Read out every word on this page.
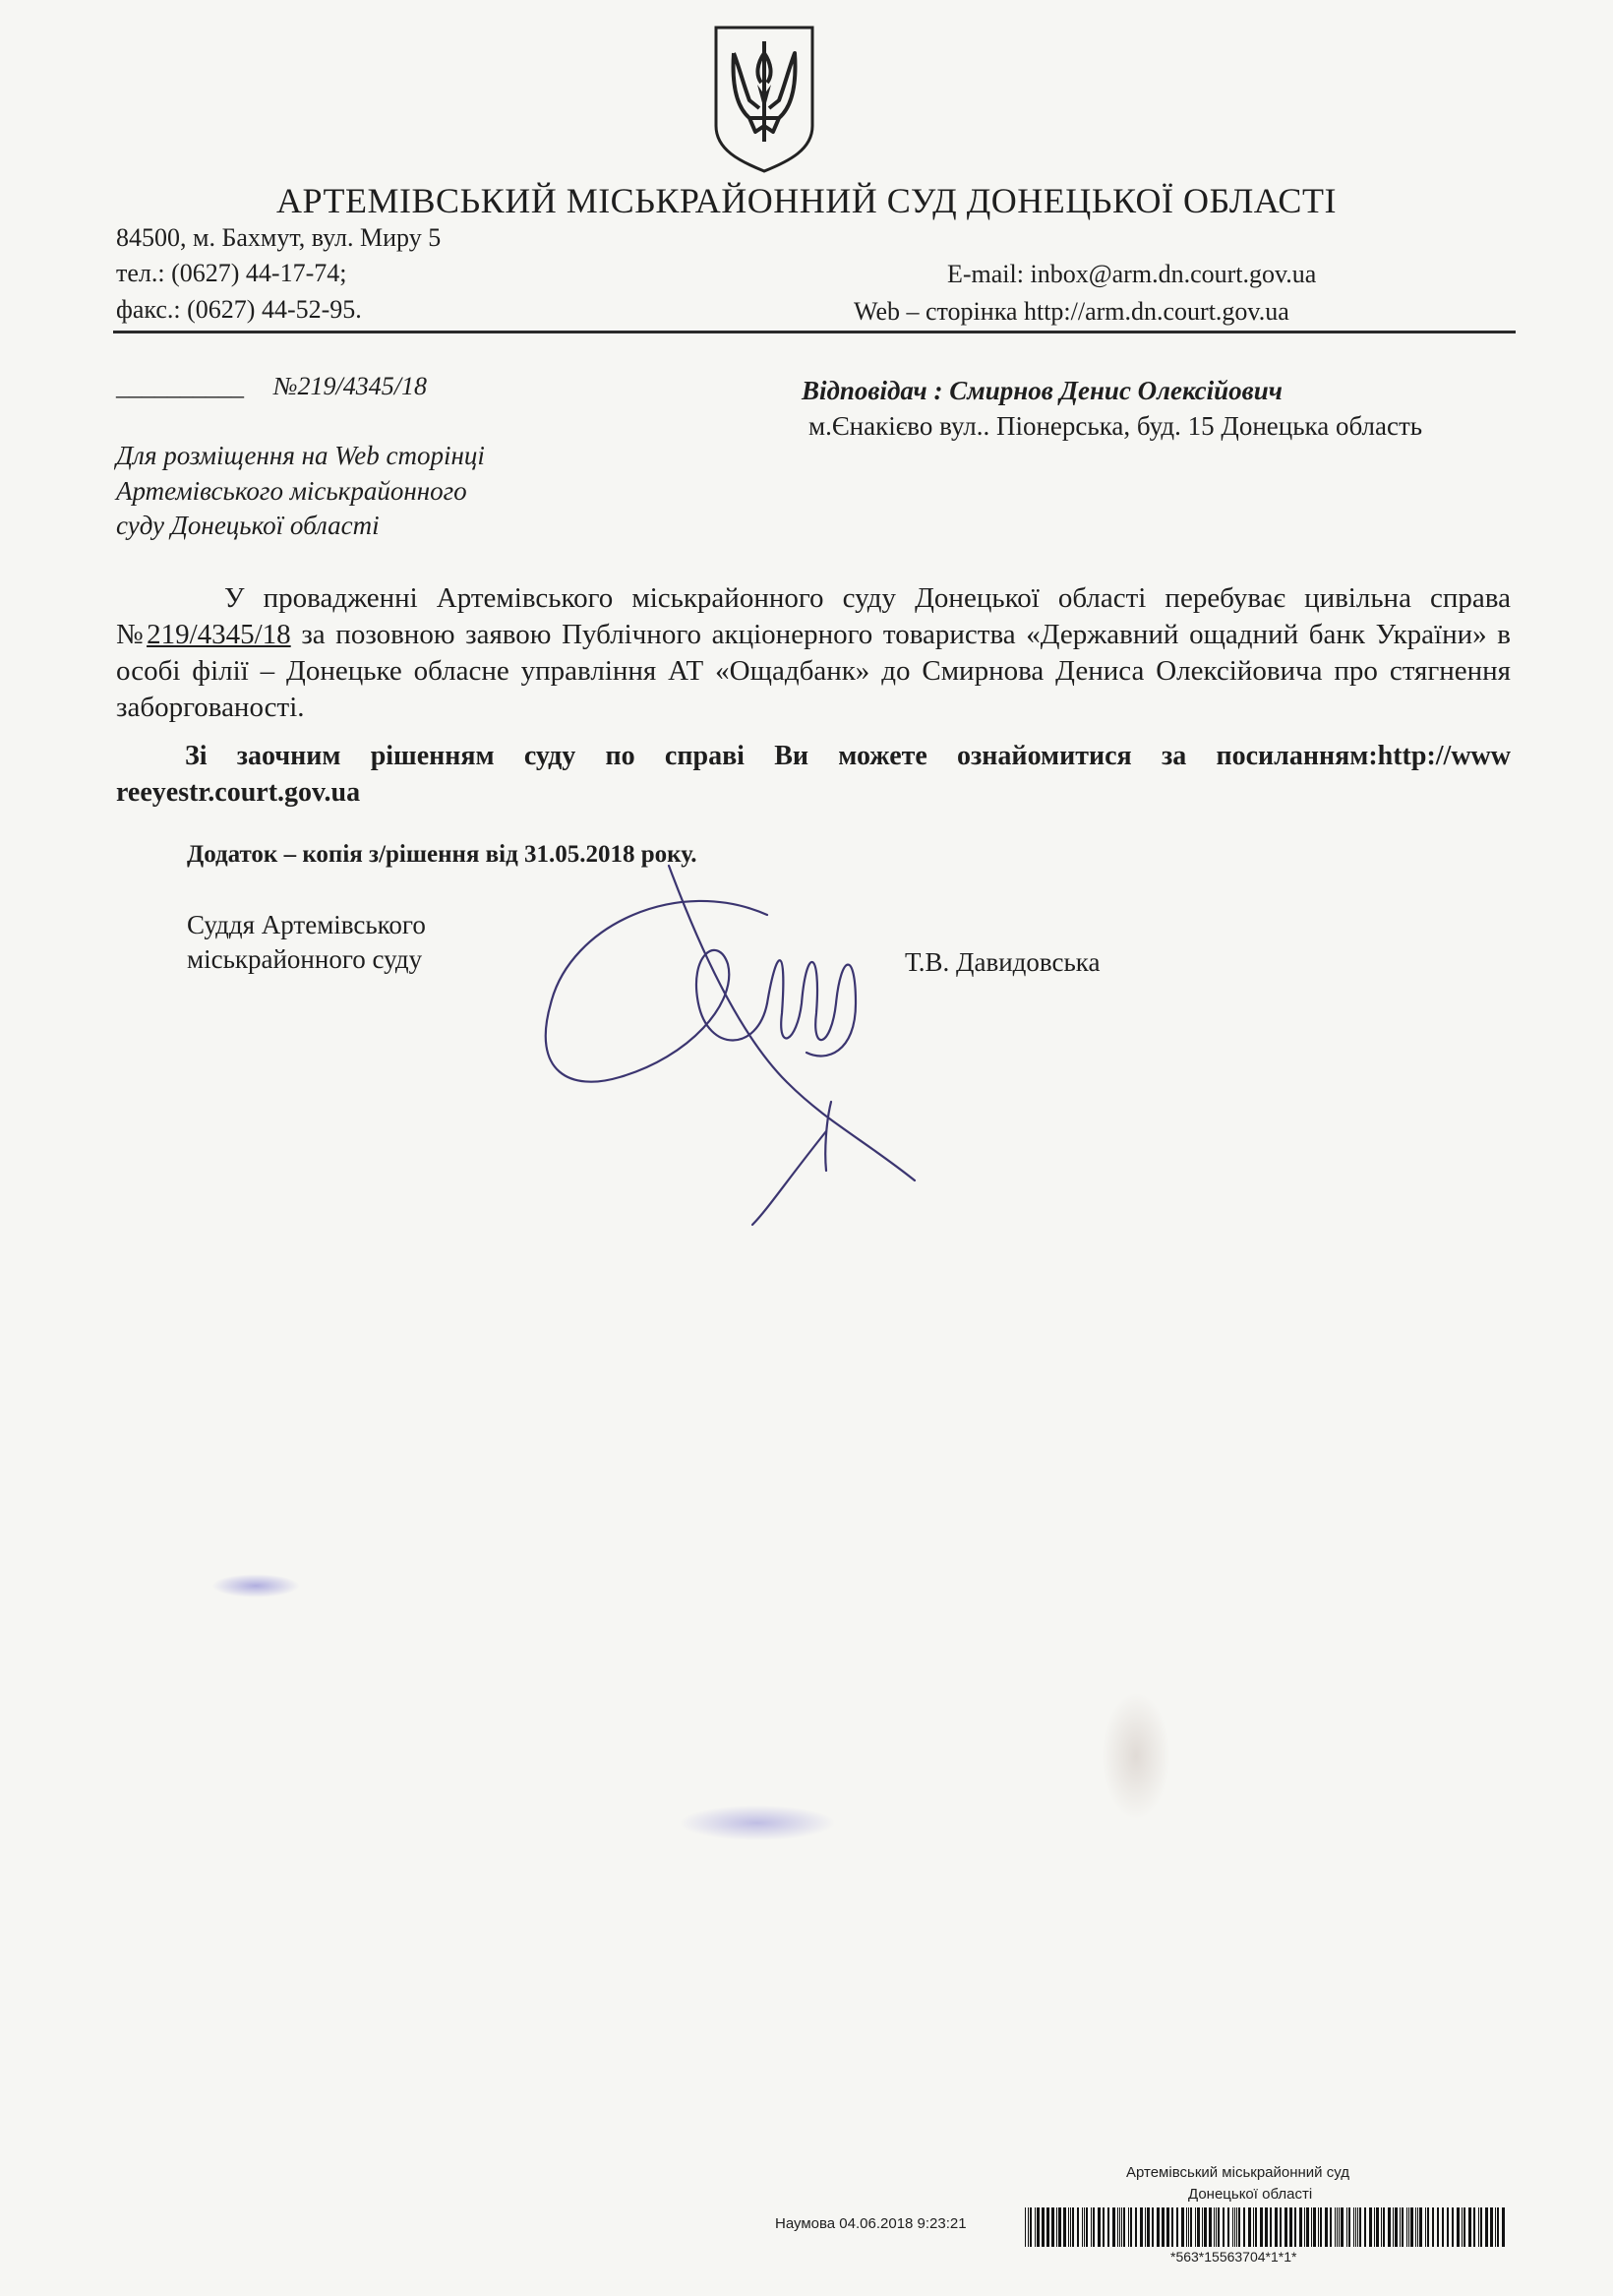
АРТЕМІВСЬКИЙ МІСЬКРАЙОННИЙ СУД ДОНЕЦЬКОЇ ОБЛАСТІ
84500, м. Бахмут, вул. Миру 5
тел.: (0627) 44-17-74;
факс.: (0627) 44-52-95.
E-mail: inbox@arm.dn.court.gov.ua
Web – сторінка http://arm.dn.court.gov.ua
__________ №219/4345/18	Відповідач : Смирнов Денис Олексійович
м.Єнакієво вул.. Піонерська, буд. 15 Донецька область
Для розміщення на Web сторінці
Артемівського міськрайонного
суду Донецької області

У провадженні Артемівського міськрайонного суду Донецької області перебуває цивільна справа №219/4345/18 за позовною заявою Публічного акціонерного товариства «Державний ощадний банк України» в особі філії – Донецьке обласне управління АТ «Ощадбанк» до Смирнова Дениса Олексійовича про стягнення заборгованості.

Зі заочним рішенням суду по справі Ви можете ознайомитися за посиланням:http://www reeyestr.court.gov.ua

Додаток – копія з/рішення від 31.05.2018 року.
Суддя Артемівського
міськрайонного суду	Т.В. Давидовська
Артемівський міськрайонний суд
Донецької області
Наумова 04.06.2018 9:23:21
*563*15563704*1*1*
